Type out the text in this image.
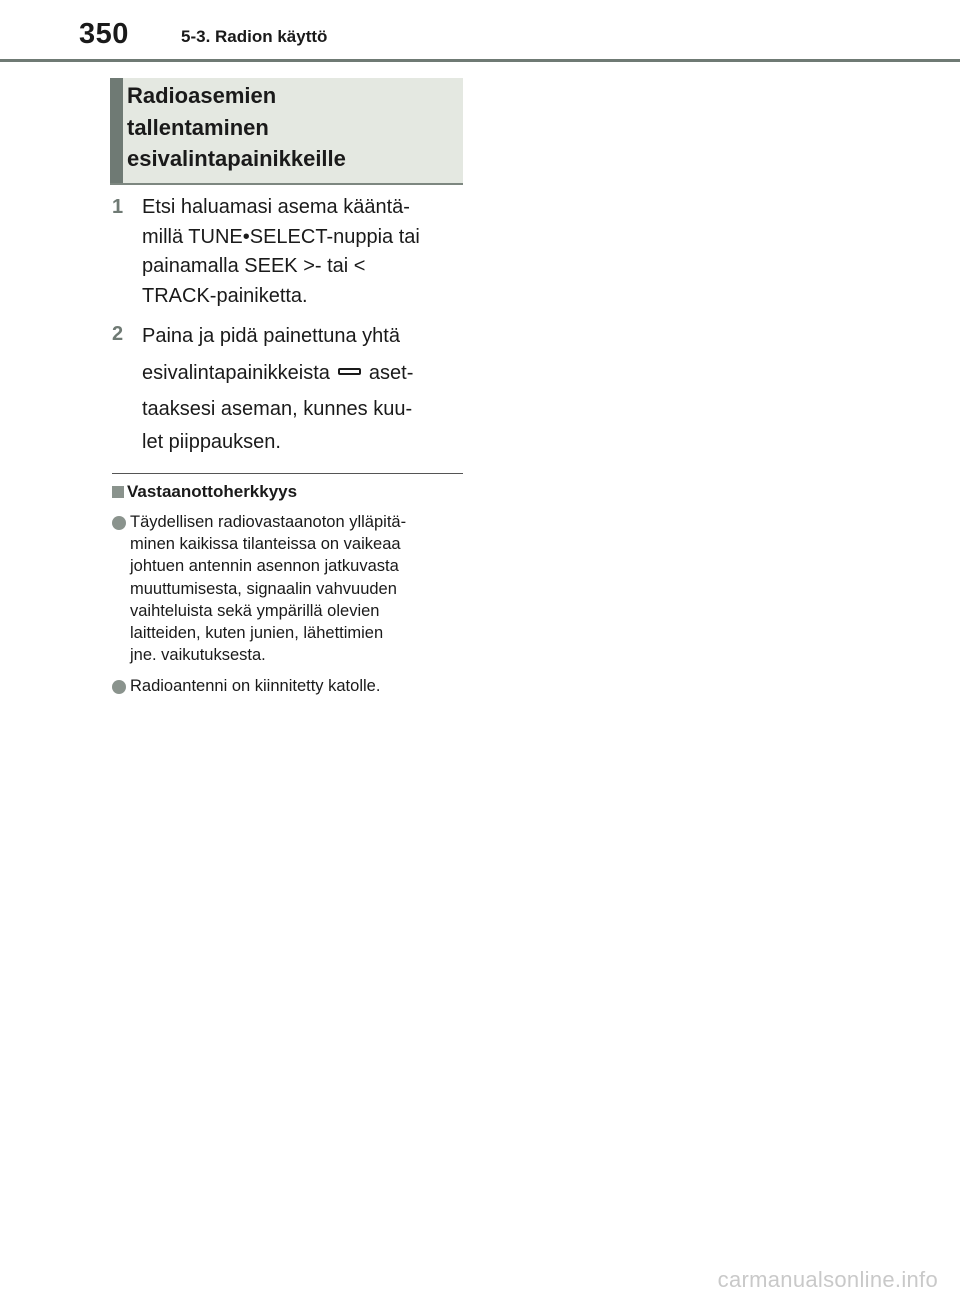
350	5-3. Radion käyttö
Radioasemien
tallentaminen
esivalintapainikkeille
1 Etsi haluamasi asema kääntä-
millä TUNE•SELECT-nuppia tai
painamalla SEEK >- tai <
TRACK-painiketta.
2 Paina ja pidä painettuna yhtä
esivalintapainikkeista aset-
taaksesi aseman, kunnes kuu-
let piippauksen.
Vastaanottoherkkyys
Täydellisen radiovastaanoton ylläpitä-
minen kaikissa tilanteissa on vaikeaa
johtuen antennin asennon jatkuvasta
muuttumisesta, signaalin vahvuuden
vaihteluista sekä ympärillä olevien
laitteiden, kuten junien, lähettimien
jne. vaikutuksesta.
Radioantenni on kiinnitetty katolle.
carmanualsonline.info
